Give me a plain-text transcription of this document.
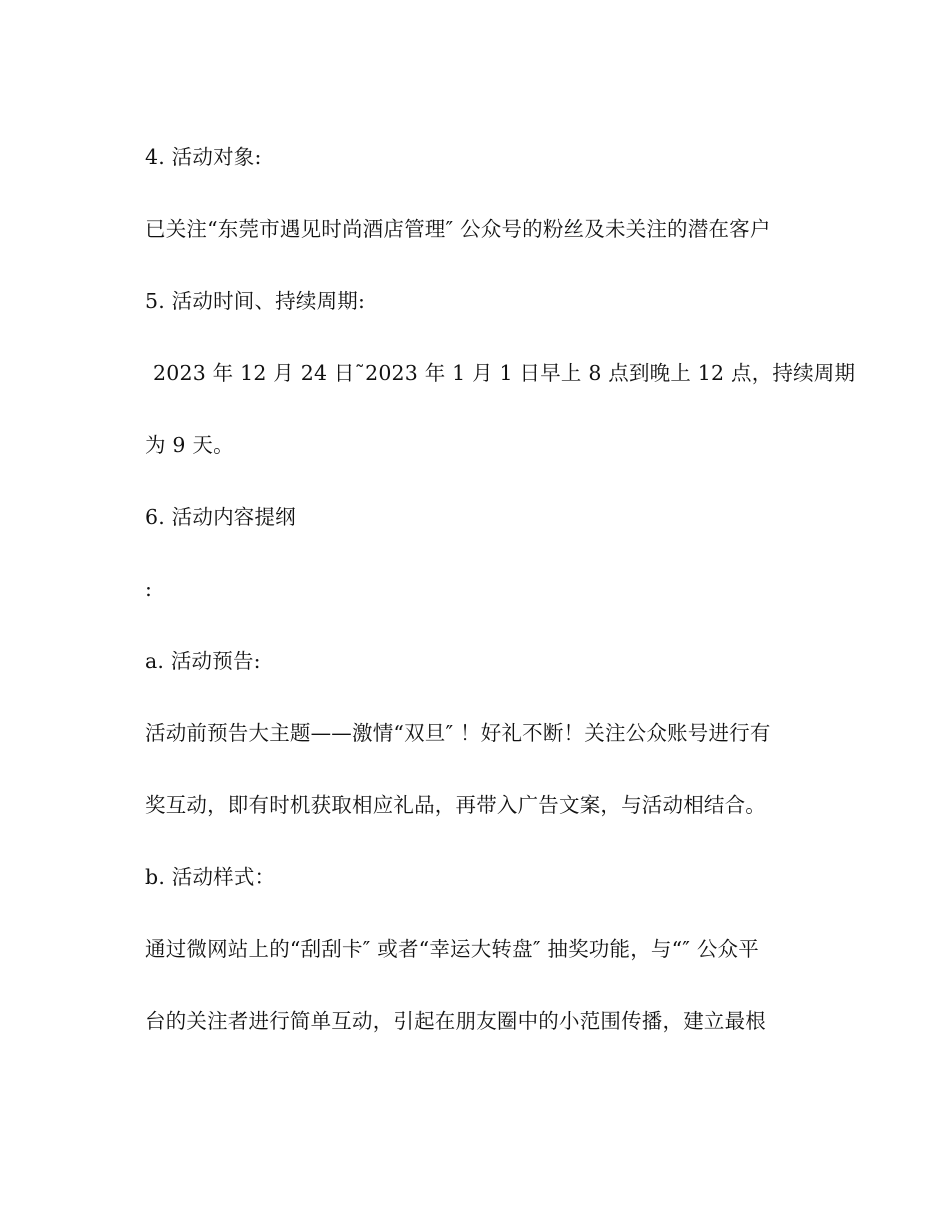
4. 活动对象:
已关注“东莞市遇见时尚酒店管理″ 公众号的粉丝及未关注的潜在客户
5. 活动时间、持续周期:
2023 年 12 月 24 日˜2023 年 1 月 1 日早上 8 点到晚上 12 点，持续周期
为 9 天。
6. 活动内容提纲
:
a. 活动预告:
活动前预告大主题——激情“双旦″ ！好礼不断！关注公众账号进行有
奖互动，即有时机获取相应礼品，再带入广告文案，与活动相结合。
b. 活动样式：
通过微网站上的“刮刮卡″ 或者“幸运大转盘″ 抽奖功能，与“″ 公众平
台的关注者进行简单互动，引起在朋友圈中的小范围传播，建立最根
